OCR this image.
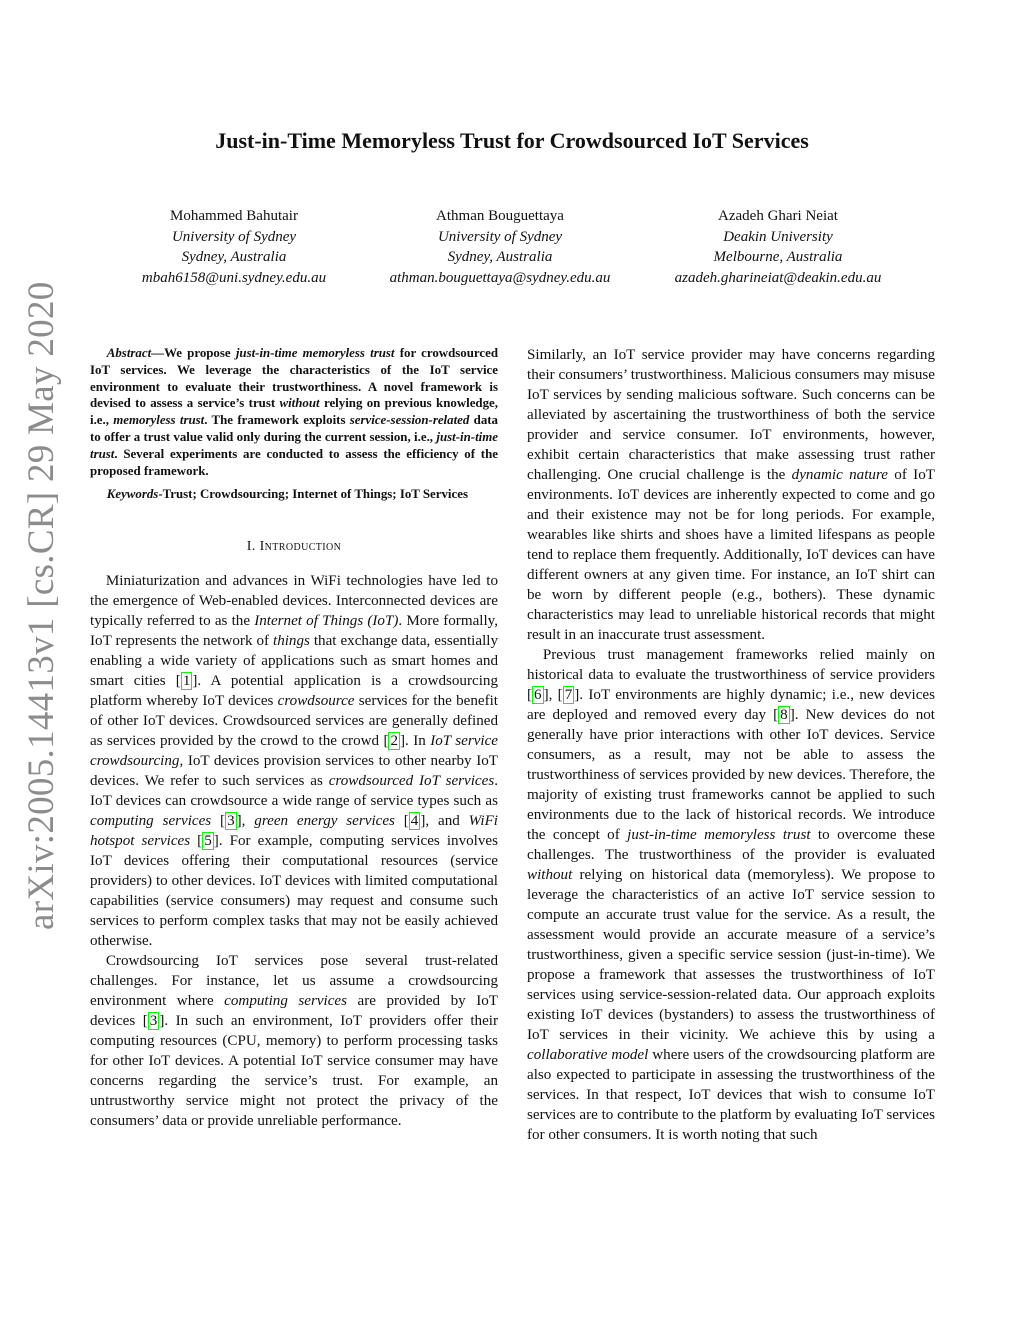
arXiv:2005.14413v1 [cs.CR] 29 May 2020
Just-in-Time Memoryless Trust for Crowdsourced IoT Services
Mohammed Bahutair
University of Sydney
Sydney, Australia
mbah6158@uni.sydney.edu.au
Athman Bouguettaya
University of Sydney
Sydney, Australia
athman.bouguettaya@sydney.edu.au
Azadeh Ghari Neiat
Deakin University
Melbourne, Australia
azadeh.gharineiat@deakin.edu.au

Abstract—We propose just-in-time memoryless trust for crowdsourced IoT services. We leverage the characteristics of the IoT service environment to evaluate their trustworthiness. A novel framework is devised to assess a service’s trust without relying on previous knowledge, i.e., memoryless trust. The framework exploits service-session-related data to offer a trust value valid only during the current session, i.e., just-in-time trust. Several experiments are conducted to assess the efficiency of the proposed framework.

Keywords-Trust; Crowdsourcing; Internet of Things; IoT Services

I. Introduction

Miniaturization and advances in WiFi technologies have led to the emergence of Web-enabled devices. Interconnected devices are typically referred to as the Internet of Things (IoT). More formally, IoT represents the network of things that exchange data, essentially enabling a wide variety of applications such as smart homes and smart cities [ 1 ]. A potential application is a crowdsourcing platform whereby IoT devices crowdsource services for the benefit of other IoT devices. Crowdsourced services are generally defined as services provided by the crowd to the crowd [ 2 ]. In IoT service crowdsourcing, IoT devices provision services to other nearby IoT devices. We refer to such services as crowdsourced IoT services. IoT devices can crowdsource a wide range of service types such as computing services [ 3 ], green energy services [ 4 ], and WiFi hotspot services [ 5 ]. For example, computing services involves IoT devices offering their computational resources (service providers) to other devices. IoT devices with limited computational capabilities (service consumers) may request and consume such services to perform complex tasks that may not be easily achieved otherwise.

Crowdsourcing IoT services pose several trust-related challenges. For instance, let us assume a crowdsourcing environment where computing services are provided by IoT devices [ 3 ]. In such an environment, IoT providers offer their computing resources (CPU, memory) to perform processing tasks for other IoT devices. A potential IoT service consumer may have concerns regarding the service’s trust. For example, an untrustworthy service might not protect the privacy of the consumers’ data or provide unreliable performance.

Similarly, an IoT service provider may have concerns regarding their consumers’ trustworthiness. Malicious consumers may misuse IoT services by sending malicious software. Such concerns can be alleviated by ascertaining the trustworthiness of both the service provider and service consumer. IoT environments, however, exhibit certain characteristics that make assessing trust rather challenging. One crucial challenge is the dynamic nature of IoT environments. IoT devices are inherently expected to come and go and their existence may not be for long periods. For example, wearables like shirts and shoes have a limited lifespans as people tend to replace them frequently. Additionally, IoT devices can have different owners at any given time. For instance, an IoT shirt can be worn by different people (e.g., bothers). These dynamic characteristics may lead to unreliable historical records that might result in an inaccurate trust assessment.

Previous trust management frameworks relied mainly on historical data to evaluate the trustworthiness of service providers [ 6 ], [ 7 ]. IoT environments are highly dynamic; i.e., new devices are deployed and removed every day [ 8 ]. New devices do not generally have prior interactions with other IoT devices. Service consumers, as a result, may not be able to assess the trustworthiness of services provided by new devices. Therefore, the majority of existing trust frameworks cannot be applied to such environments due to the lack of historical records. We introduce the concept of just-in-time memoryless trust to overcome these challenges. The trustworthiness of the provider is evaluated without relying on historical data (memoryless). We propose to leverage the characteristics of an active IoT service session to compute an accurate trust value for the service. As a result, the assessment would provide an accurate measure of a service’s trustworthiness, given a specific service session (just-in-time). We propose a framework that assesses the trustworthiness of IoT services using service-session-related data. Our approach exploits existing IoT devices (bystanders) to assess the trustworthiness of IoT services in their vicinity. We achieve this by using a collaborative model where users of the crowdsourcing platform are also expected to participate in assessing the trustworthiness of the services. In that respect, IoT devices that wish to consume IoT services are to contribute to the platform by evaluating IoT services for other consumers. It is worth noting that such
